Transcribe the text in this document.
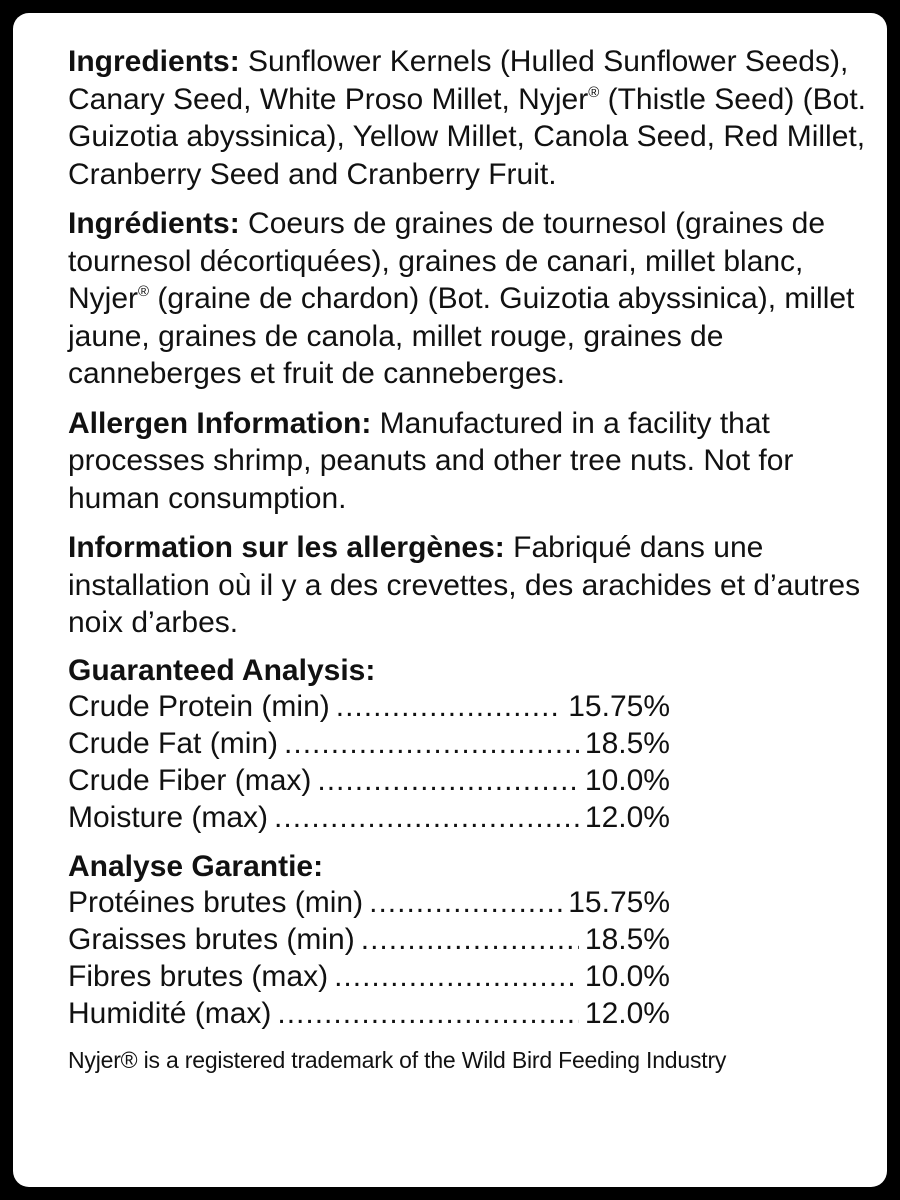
Ingredients: Sunflower Kernels (Hulled Sunflower Seeds), Canary Seed, White Proso Millet, Nyjer® (Thistle Seed) (Bot. Guizotia abyssinica), Yellow Millet, Canola Seed, Red Millet, Cranberry Seed and Cranberry Fruit.

Ingrédients: Coeurs de graines de tournesol (graines de tournesol décortiquées), graines de canari, millet blanc, Nyjer® (graine de chardon) (Bot. Guizotia abyssinica), millet jaune, graines de canola, millet rouge, graines de canneberges et fruit de canneberges.

Allergen Information: Manufactured in a facility that processes shrimp, peanuts and other tree nuts. Not for human consumption.

Information sur les allergènes: Fabriqué dans une installation où il y a des crevettes, des arachides et d’autres noix d’arbes.

Guaranteed Analysis:
Crude Protein (min) .....	15.75%
Crude Fat (min) .....	18.5%
Crude Fiber (max) .....	10.0%
Moisture (max) .....	12.0%
Analyse Garantie:
Protéines brutes (min) .....	15.75%
Graisses brutes (min) .....	18.5%
Fibres brutes (max) .....	10.0%
Humidité (max) .....	12.0%
Nyjer® is a registered trademark of the Wild Bird Feeding Industry
